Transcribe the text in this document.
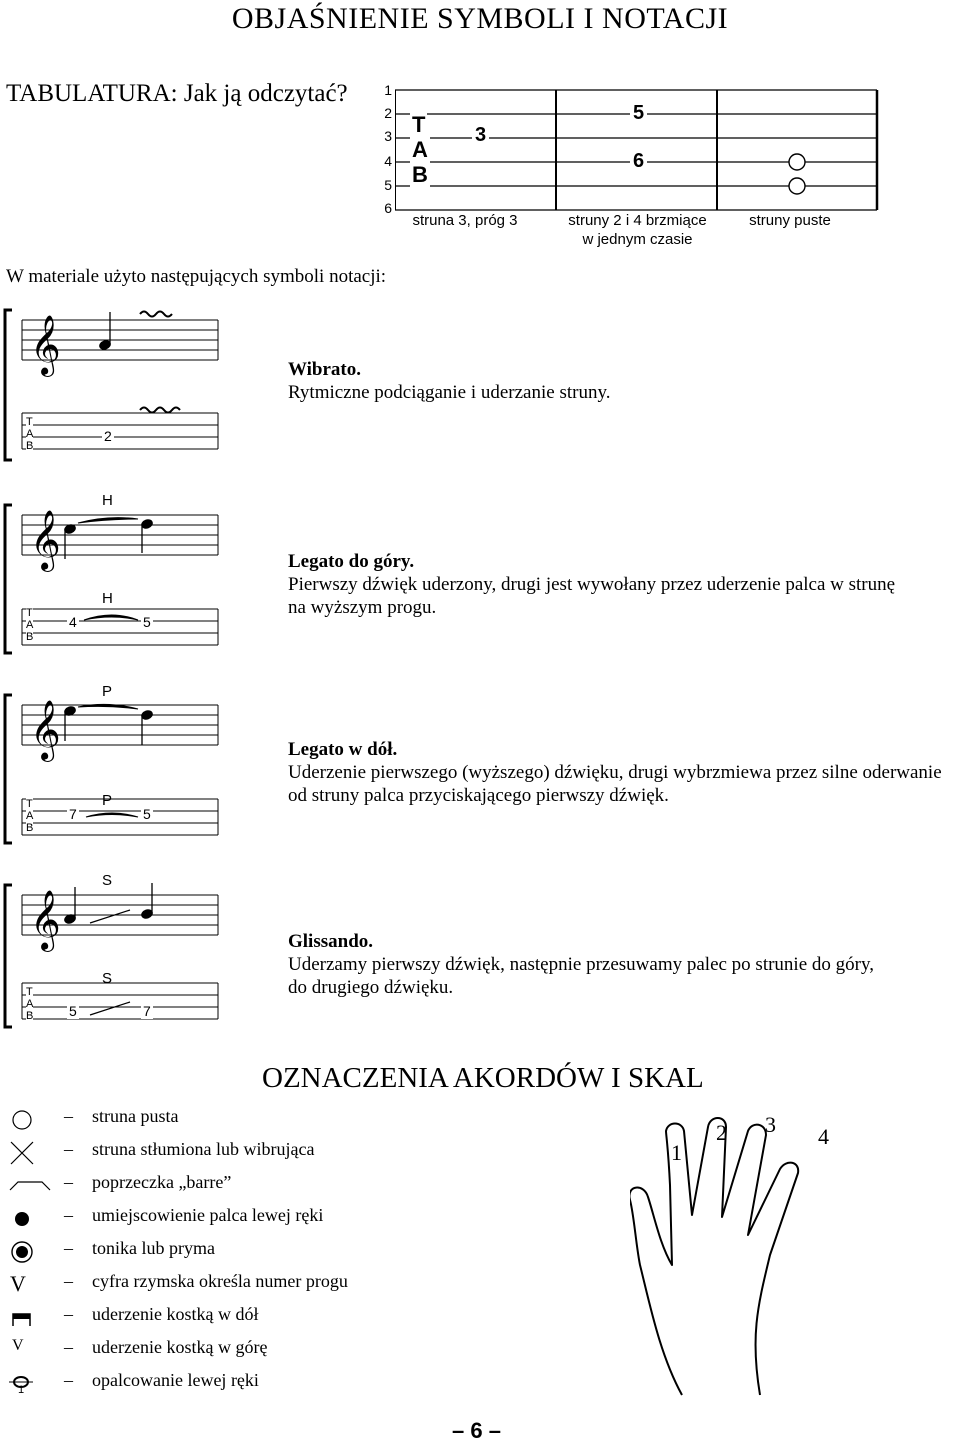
OBJAŚNIENIE SYMBOLI I NOTACJI
TABULATURA: Jak ją odczytać?	1
2
3
4
5
6
T
A
B
3
5
6
struna 3, próg 3	struny 2 i 4 brzmiące
w jednym czasie
struny puste
W materiale użyto następujących symboli notacji:
𝄞
T
A
B
2
Wibrato.
Rytmiczne podciąganie i uderzanie struny.
𝄞
H
H
T
A
B
4	5
Legato do góry.
Pierwszy dźwięk uderzony, drugi jest wywołany przez uderzenie palca w strunę
na wyższym progu.
𝄞
P
P
T
A
B
7	5
Legato w dół.
Uderzenie pierwszego (wyższego) dźwięku, drugi wybrzmiewa przez silne oderwanie
od struny palca przyciskającego pierwszy dźwięk.
𝄞
S
S
T
A
B	5	7
Glissando.
Uderzamy pierwszy dźwięk, następnie przesuwamy palec po strunie do góry,
do drugiego dźwięku.
OZNACZENIA AKORDÓW I SKAL
– struna pusta
– struna stłumiona lub wibrująca
– poprzeczka „barre”
– umiejscowienie palca lewej ręki
– tonika lub pryma
V	– cyfra rzymska określa numer progu
– uderzenie kostką w dół
V	– uderzenie kostką w górę
1 – opalcowanie lewej ręki
1
2 3 4
– 6 –
